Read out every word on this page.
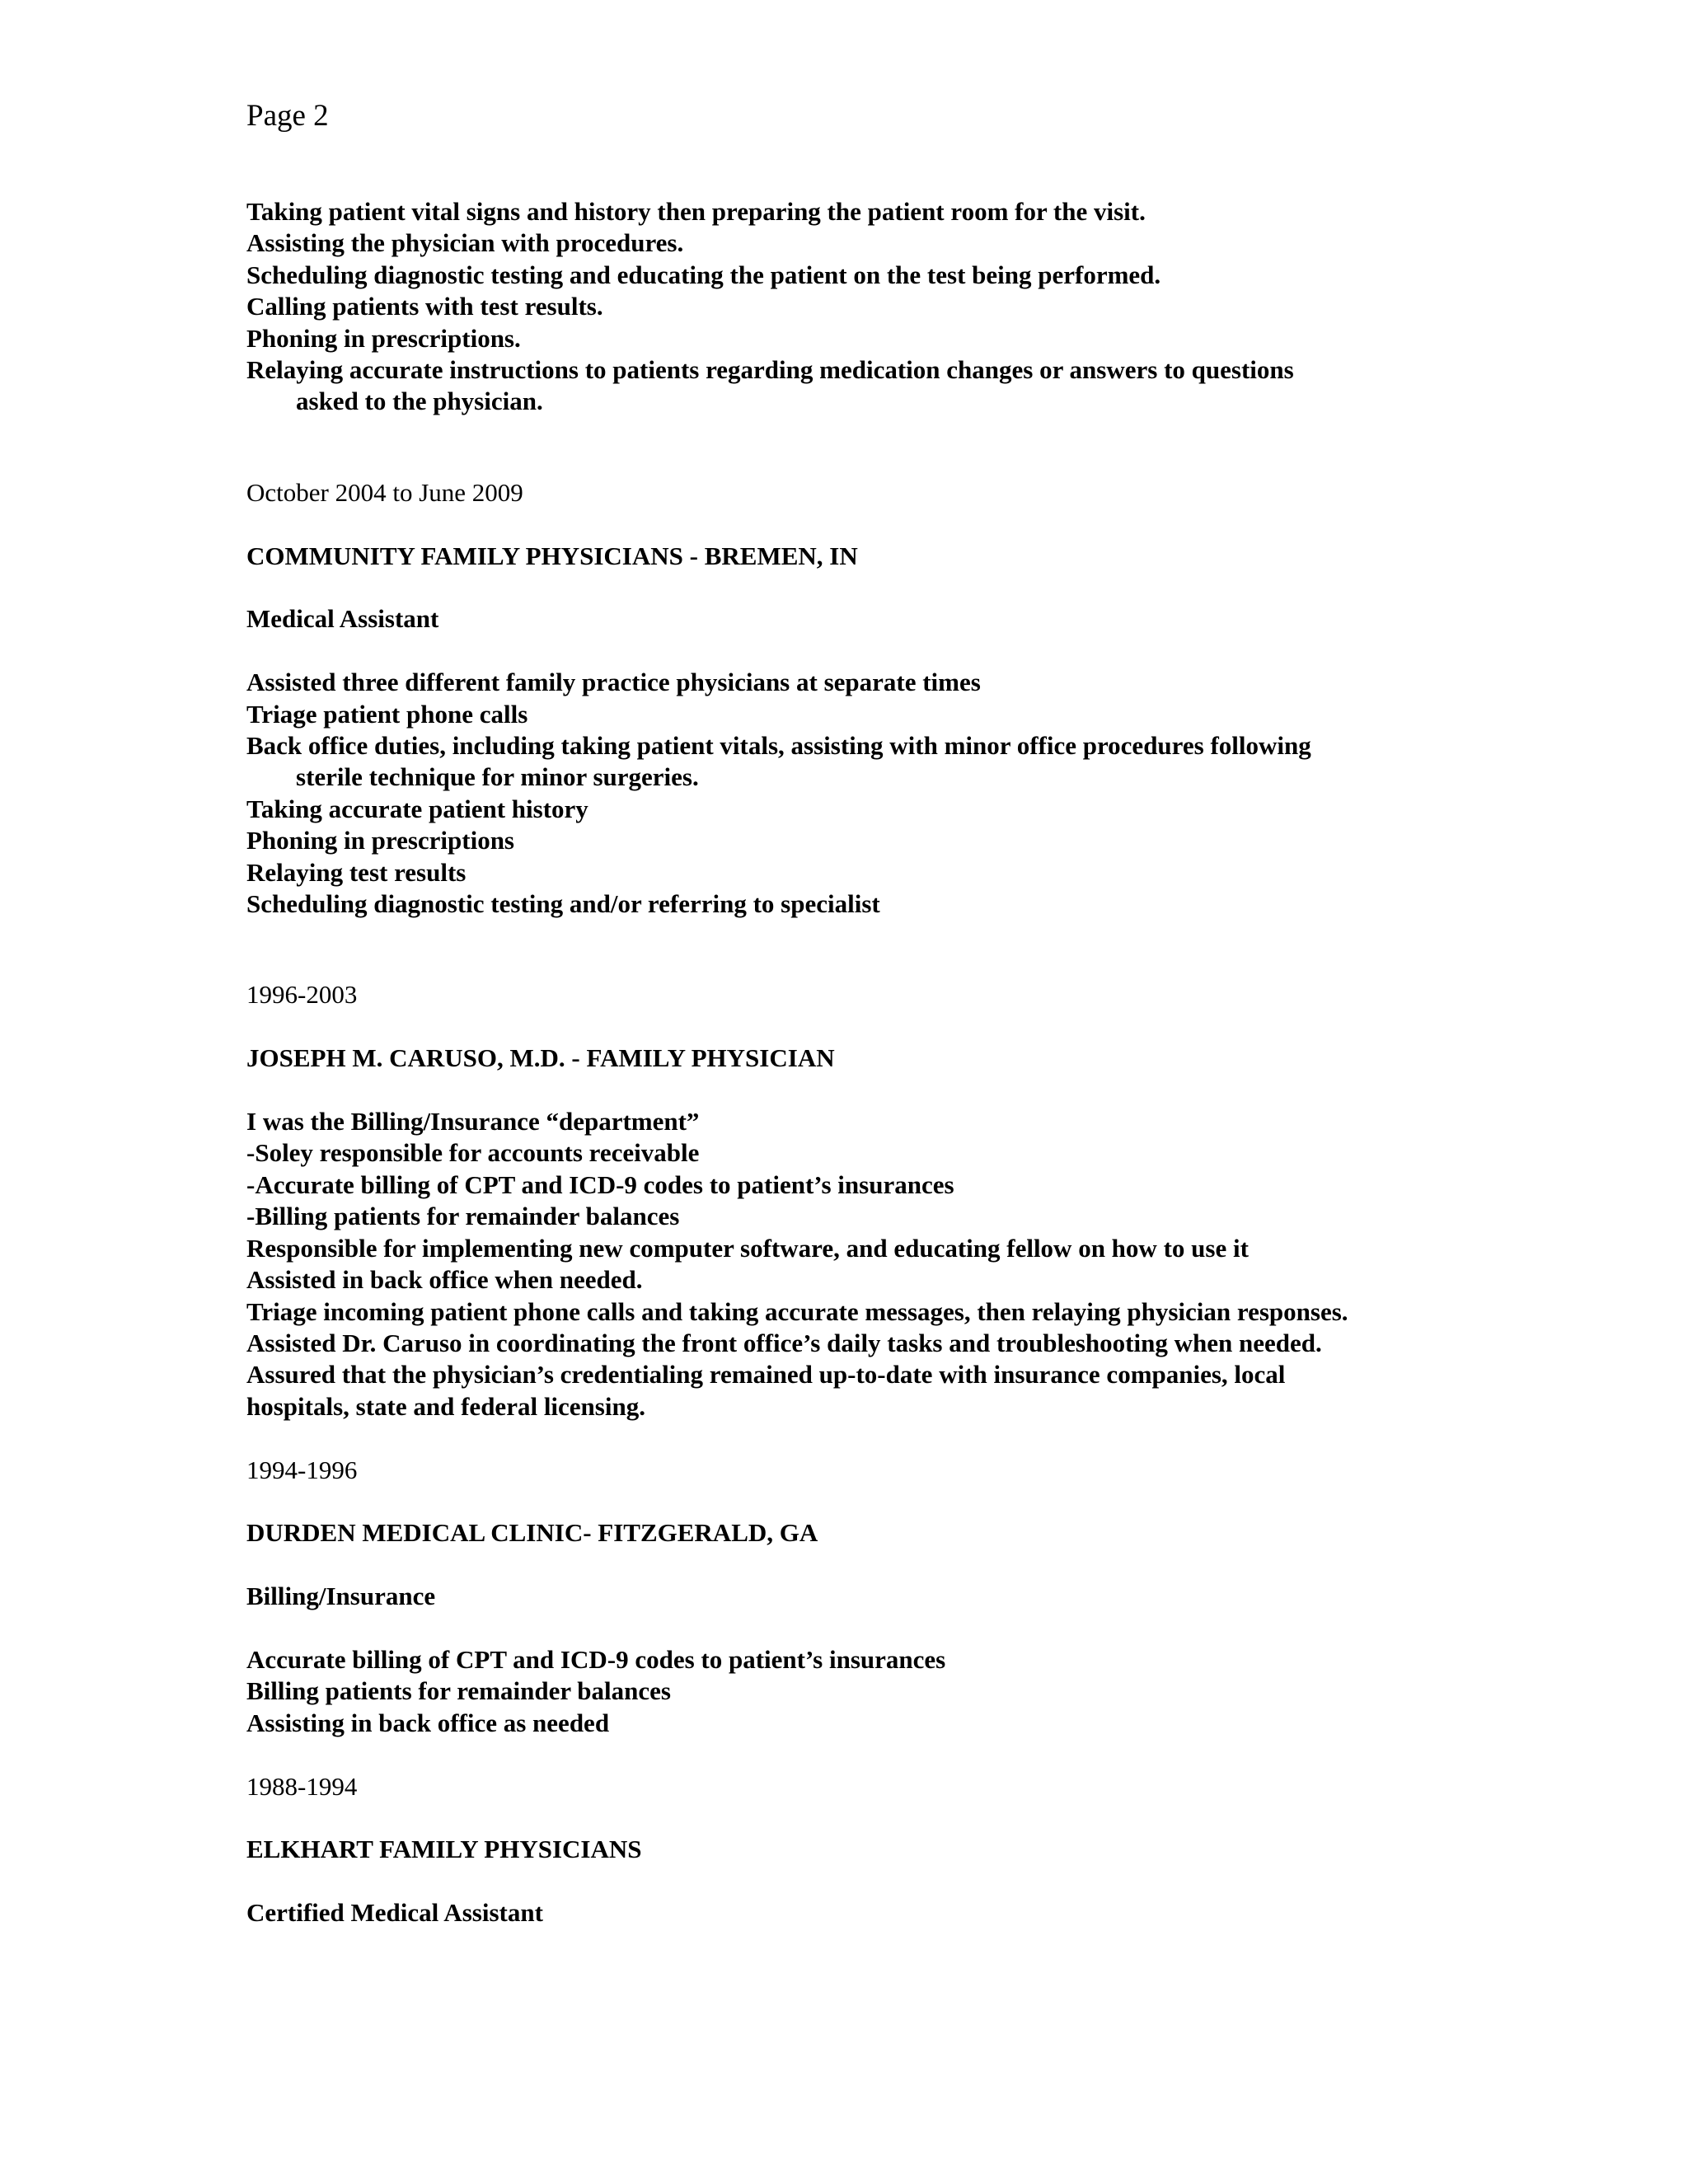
Page 2

Taking patient vital signs and history then preparing the patient room for the visit.

Assisting the physician with procedures.

Scheduling diagnostic testing and educating the patient on the test being performed.

Calling patients with test results.

Phoning in prescriptions.

Relaying accurate instructions to patients regarding medication changes or answers to questions

asked to the physician.

October 2004 to June 2009

COMMUNITY FAMILY PHYSICIANS - BREMEN, IN

Medical Assistant

Assisted three different family practice physicians at separate times

Triage patient phone calls

Back office duties, including taking patient vitals, assisting with minor office procedures following

sterile technique for minor surgeries.

Taking accurate patient history

Phoning in prescriptions

Relaying test results

Scheduling diagnostic testing and/or referring to specialist

1996-2003

JOSEPH M. CARUSO, M.D. - FAMILY PHYSICIAN

I was the Billing/Insurance “department”

-Soley responsible for accounts receivable

-Accurate billing of CPT and ICD-9 codes to patient’s insurances

-Billing patients for remainder balances

Responsible for implementing new computer software, and educating fellow on how to use it

Assisted in back office when needed.

Triage incoming patient phone calls and taking accurate messages, then relaying physician responses.

Assisted Dr. Caruso in coordinating the front office’s daily tasks and troubleshooting when needed.

Assured that the physician’s credentialing remained up-to-date with insurance companies, local

hospitals, state and federal licensing.

1994-1996

DURDEN MEDICAL CLINIC- FITZGERALD, GA

Billing/Insurance

Accurate billing of CPT and ICD-9 codes to patient’s insurances

Billing patients for remainder balances

Assisting in back office as needed

1988-1994

ELKHART FAMILY PHYSICIANS

Certified Medical Assistant
